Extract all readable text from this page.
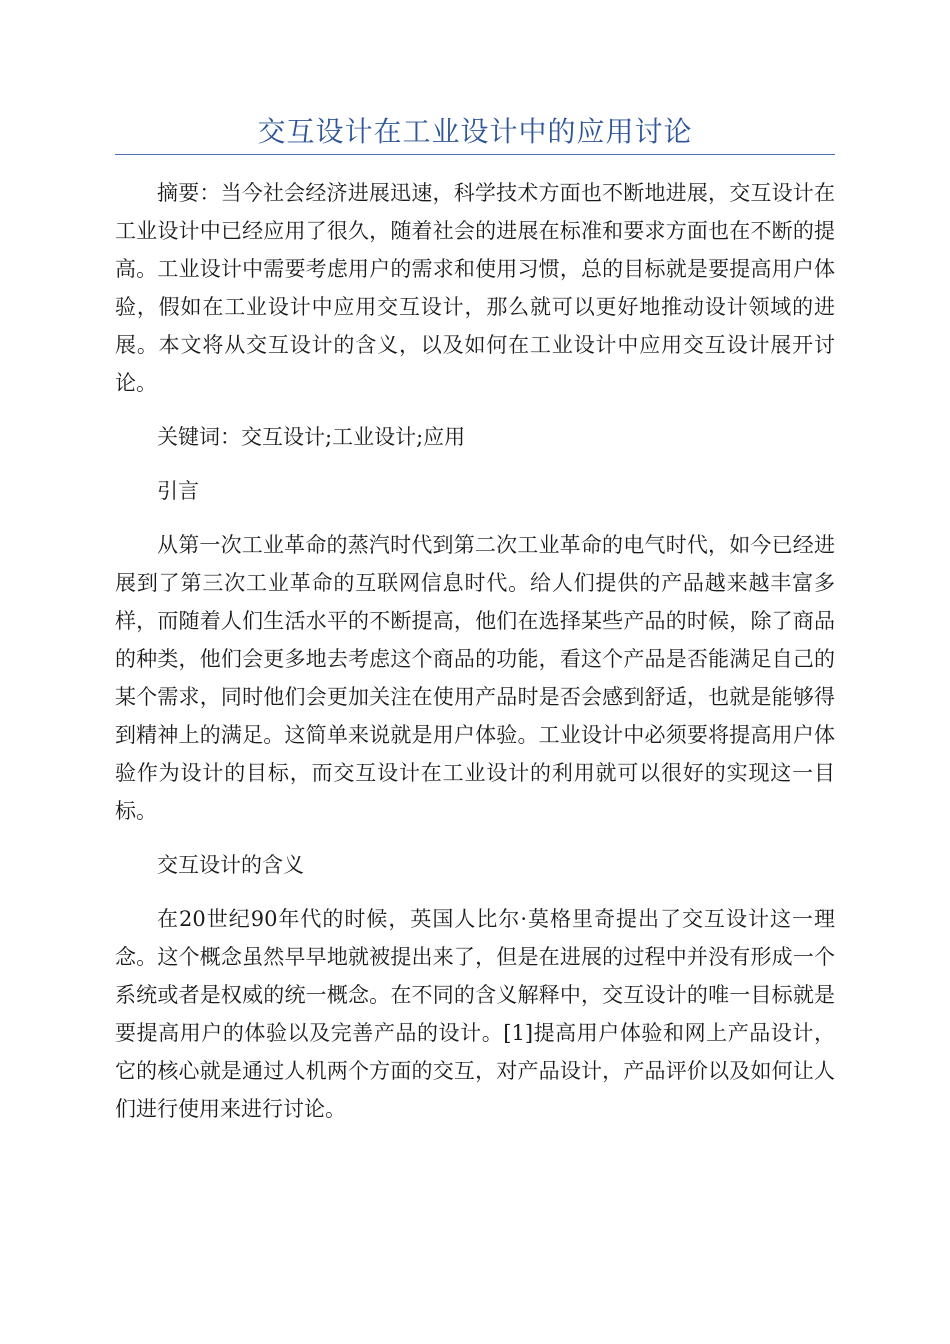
交互设计在工业设计中的应用讨论

摘要：当今社会经济进展迅速，科学技术方面也不断地进展，交互设计在工业设计中已经应用了很久，随着社会的进展在标准和要求方面也在不断的提高。工业设计中需要考虑用户的需求和使用习惯，总的目标就是要提高用户体验，假如在工业设计中应用交互设计，那么就可以更好地推动设计领域的进展。本文将从交互设计的含义，以及如何在工业设计中应用交互设计展开讨论。

关键词：交互设计;工业设计;应用

引言

从第一次工业革命的蒸汽时代到第二次工业革命的电气时代，如今已经进展到了第三次工业革命的互联网信息时代。给人们提供的产品越来越丰富多样，而随着人们生活水平的不断提高，他们在选择某些产品的时候，除了商品的种类，他们会更多地去考虑这个商品的功能，看这个产品是否能满足自己的某个需求，同时他们会更加关注在使用产品时是否会感到舒适，也就是能够得到精神上的满足。这简单来说就是用户体验。工业设计中必须要将提高用户体验作为设计的目标，而交互设计在工业设计的利用就可以很好的实现这一目标。

交互设计的含义

在20世纪90年代的时候，英国人比尔·莫格里奇提出了交互设计这一理念。这个概念虽然早早地就被提出来了，但是在进展的过程中并没有形成一个系统或者是权威的统一概念。在不同的含义解释中，交互设计的唯一目标就是要提高用户的体验以及完善产品的设计。[1]提高用户体验和网上产品设计，它的核心就是通过人机两个方面的交互，对产品设计，产品评价以及如何让人们进行使用来进行讨论。
